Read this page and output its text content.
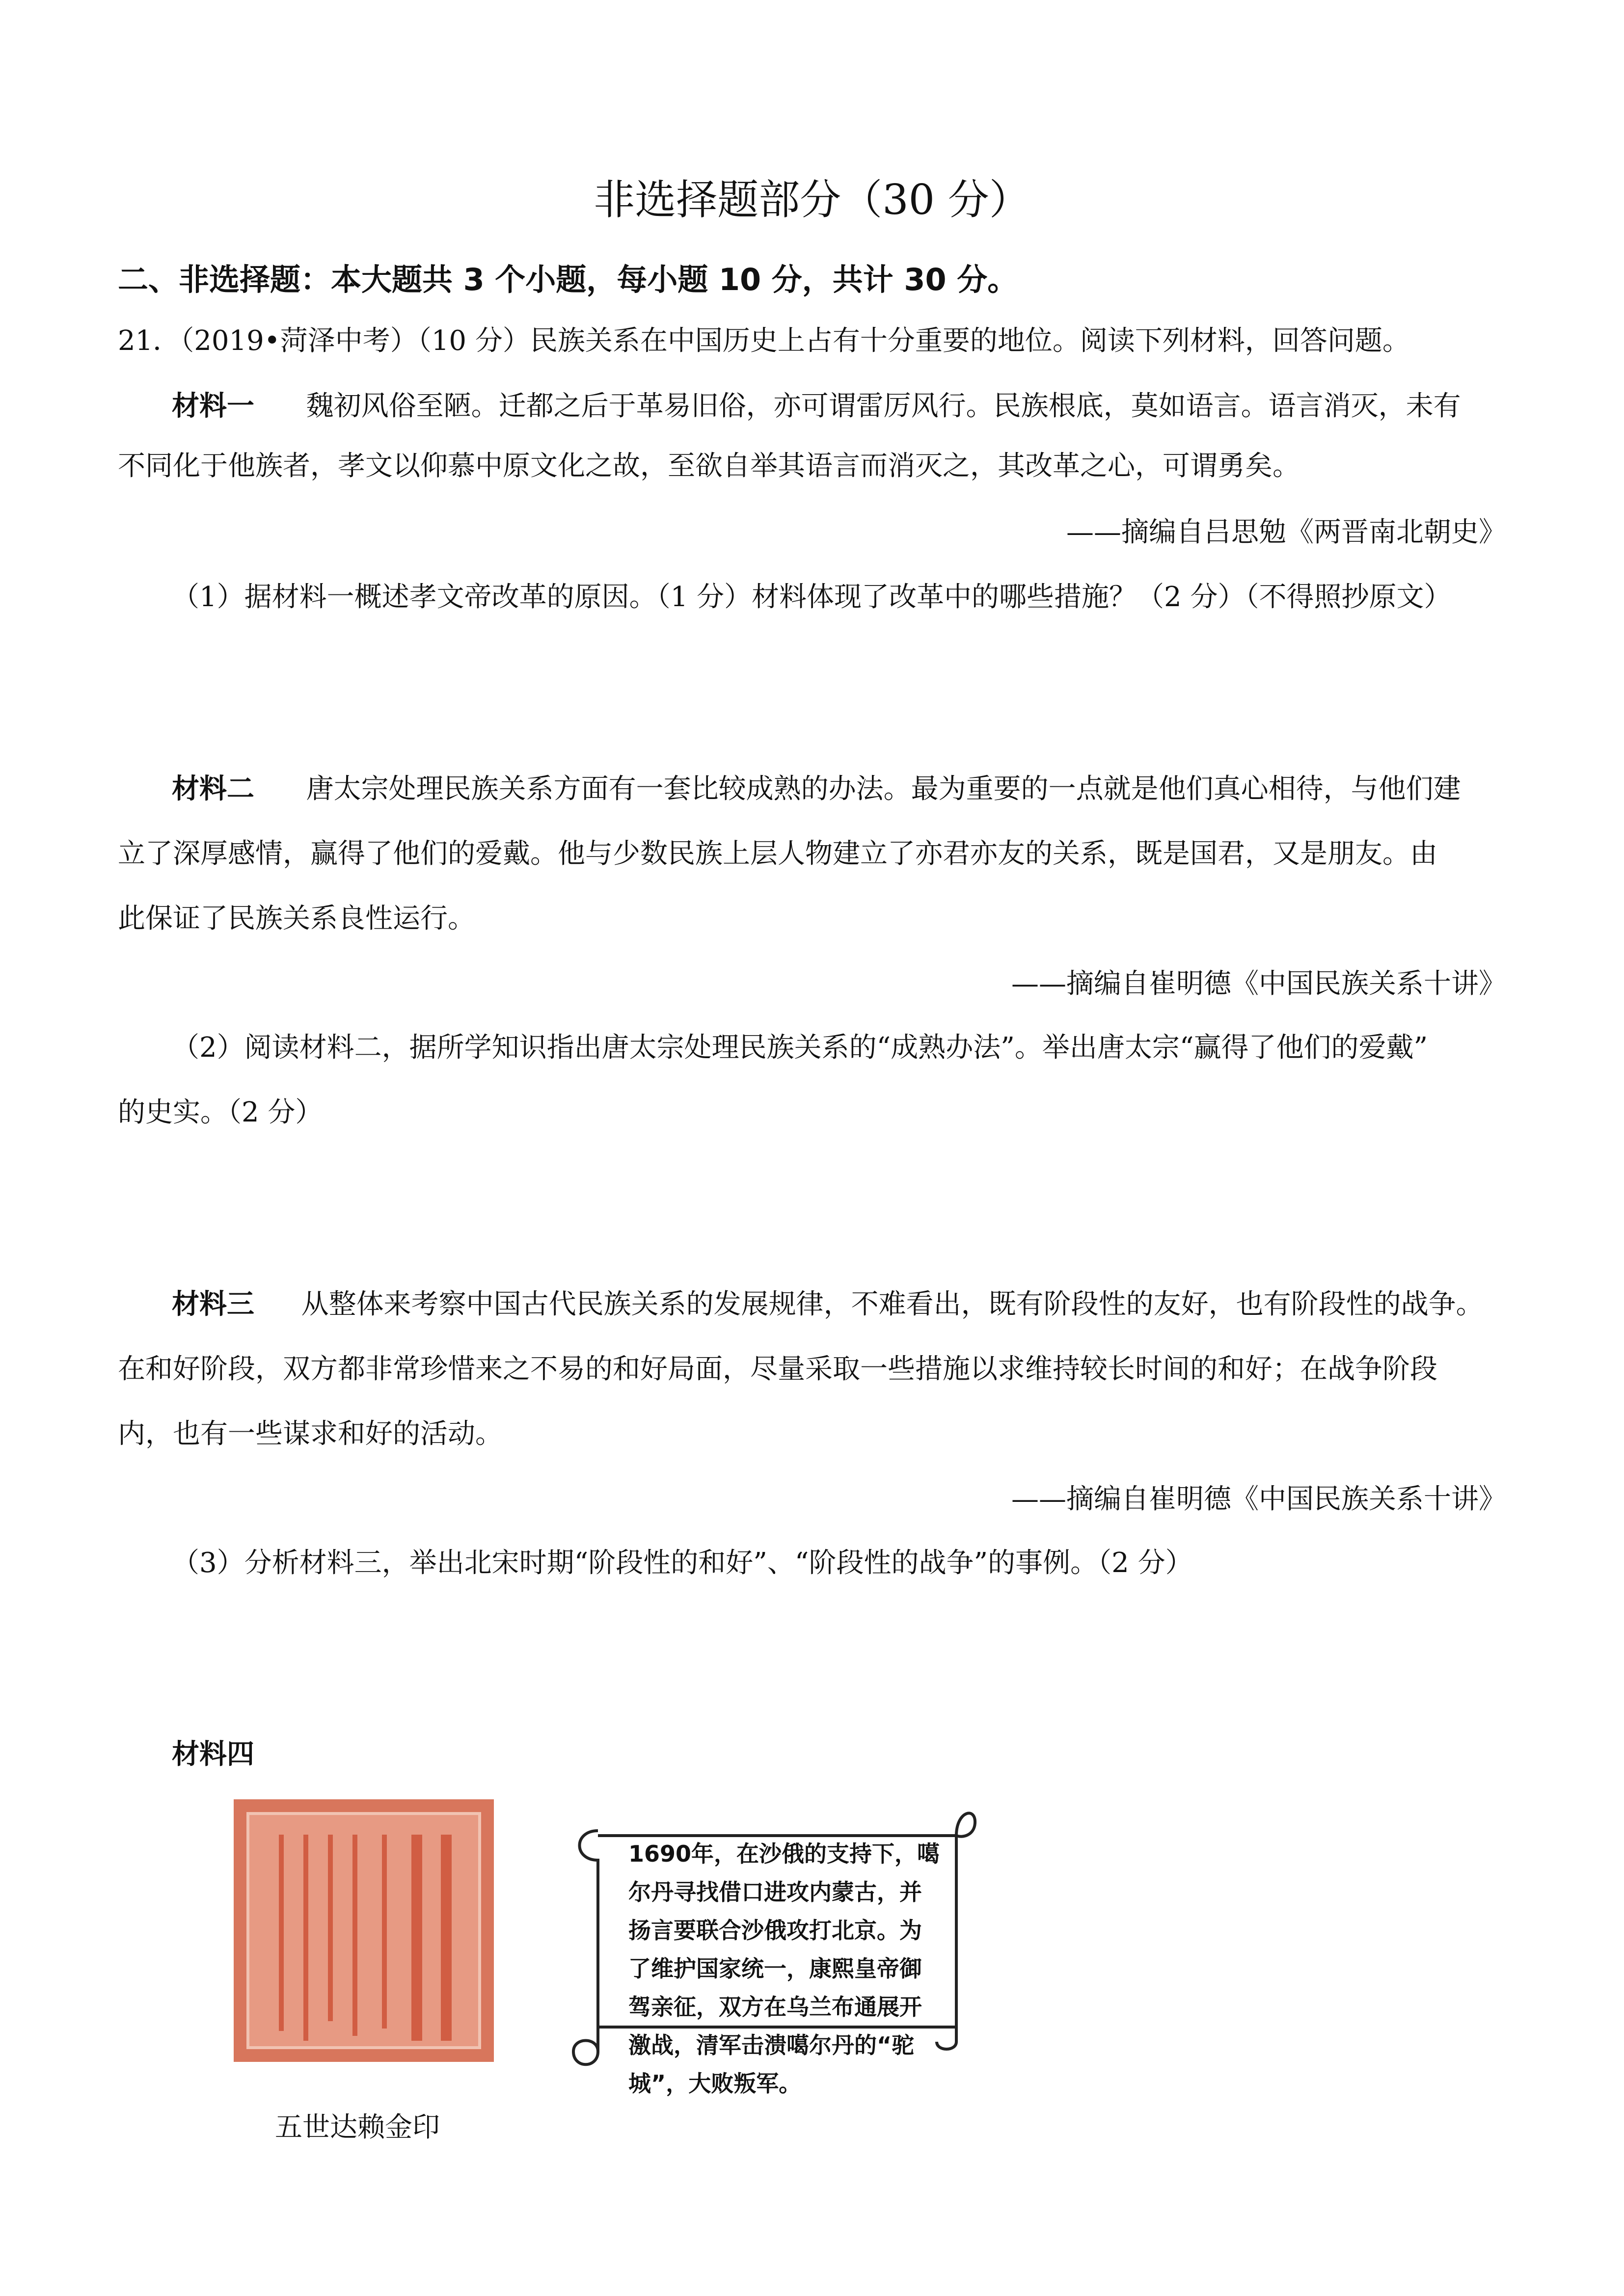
非选择题部分（30 分）
二、非选择题：本大题共 3 个小题，每小题 10 分，共计 30 分。
21．（2019•菏泽中考）（10 分）民族关系在中国历史上占有十分重要的地位。阅读下列材料，回答问题。
材料一 魏初风俗至陋。迁都之后于革易旧俗，亦可谓雷厉风行。民族根底，莫如语言。语言消灭，未有
不同化于他族者，孝文以仰慕中原文化之故，至欲自举其语言而消灭之，其改革之心，可谓勇矣。
——摘编自吕思勉《两晋南北朝史》
（1）据材料一概述孝文帝改革的原因。（1 分）材料体现了改革中的哪些措施？（2 分）（不得照抄原文）
材料二 唐太宗处理民族关系方面有一套比较成熟的办法。最为重要的一点就是他们真心相待，与他们建
立了深厚感情，赢得了他们的爱戴。他与少数民族上层人物建立了亦君亦友的关系，既是国君，又是朋友。由
此保证了民族关系良性运行。
——摘编自崔明德《中国民族关系十讲》
（2）阅读材料二，据所学知识指出唐太宗处理民族关系的“成熟办法”。举出唐太宗“赢得了他们的爱戴”
的史实。（2 分）
材料三 从整体来考察中国古代民族关系的发展规律，不难看出，既有阶段性的友好，也有阶段性的战争。
在和好阶段，双方都非常珍惜来之不易的和好局面，尽量采取一些措施以求维持较长时间的和好；在战争阶段
内，也有一些谋求和好的活动。
——摘编自崔明德《中国民族关系十讲》
（3）分析材料三，举出北宋时期“阶段性的和好”、“阶段性的战争”的事例。（2 分）
材料四
五世达赖金印
1690年，在沙俄的支持下，噶尔丹寻找借口进攻内蒙古，并扬言要联合沙俄攻打北京。为了维护国家统一，康熙皇帝御驾亲征，双方在乌兰布通展开激战，清军击溃噶尔丹的“驼城”，大败叛军。
